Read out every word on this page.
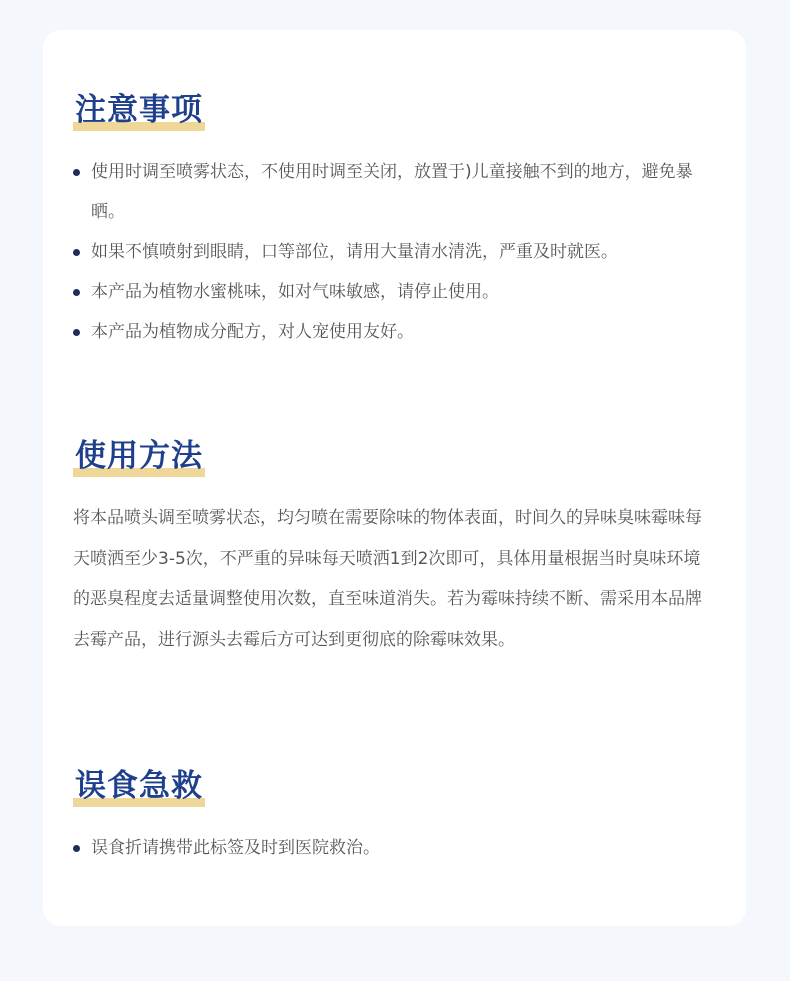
注意事项
使用时调至喷雾状态，不使用时调至关闭，放置于)儿童接触不到的地方，避免暴晒。
如果不慎喷射到眼睛，口等部位，请用大量清水清洗，严重及时就医。
本产品为植物水蜜桃味，如对气味敏感，请停止使用。
本产品为植物成分配方，对人宠使用友好。
使用方法

将本品喷头调至喷雾状态，均匀喷在需要除味的物体表面，时间久的异味臭味霉味每天喷洒至少3-5次，不严重的异味每天喷洒1到2次即可，具体用量根据当时臭味环境的恶臭程度去适量调整使用次数，直至味道消失。若为霉味持续不断、需采用本品牌去霉产品，进行源头去霉后方可达到更彻底的除霉味效果。

误食急救
误食折请携带此标签及时到医院救治。
